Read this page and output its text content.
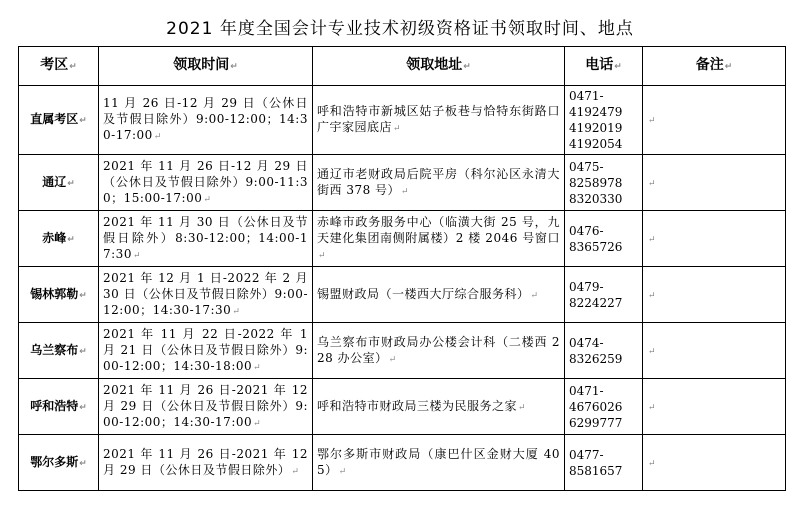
2021 年度全国会计专业技术初级资格证书领取时间、地点
考区↵	领取时间↵	领取地址↵	电话↵	备注↵
直属考区↵	11 月 26 日-12 月 29 日（公休日及节假日除外）9:00-12:00；14:30-17:00↵	呼和浩特市新城区姑子板巷与恰特东街路口广宇家园底店↵	0471-
4192479
4192019
4192054	↵
通辽↵	2021 年 11 月 26 日-12 月 29 日（公休日及节假日除外）9:00-11:30；15:00-17:00↵	通辽市老财政局后院平房（科尔沁区永清大街西 378 号）↵	0475-
8258978
8320330	↵
赤峰↵	2021 年 11 月 30 日（公休日及节假日除外）8:30-12:00；14:00-17:30↵	赤峰市政务服务中心（临潢大街 25 号，九天建化集团南侧附属楼）2 楼 2046 号窗口↵	0476-
8365726	↵
锡林郭勒↵	2021 年 12 月 1 日-2022 年 2 月 30 日（公休日及节假日除外）9:00-12:00；14:30-17:30↵	锡盟财政局（一楼西大厅综合服务科）↵	0479-
8224227	↵
乌兰察布↵	2021 年 11 月 22 日-2022 年 1 月 21 日（公休日及节假日除外）9:00-12:00；14:30-18:00↵	乌兰察布市财政局办公楼会计科（二楼西 228 办公室）↵	0474-
8326259	↵
呼和浩特↵	2021 年 11 月 26 日-2021 年 12 月 29 日（公休日及节假日除外）9:00-12:00；14:30-17:00↵	呼和浩特市财政局三楼为民服务之家↵	0471-
4676026
6299777	↵
鄂尔多斯↵	2021 年 11 月 26 日-2021 年 12 月 29 日（公休日及节假日除外）↵	鄂尔多斯市财政局（康巴什区金财大厦 405）↵	0477-
8581657	↵
